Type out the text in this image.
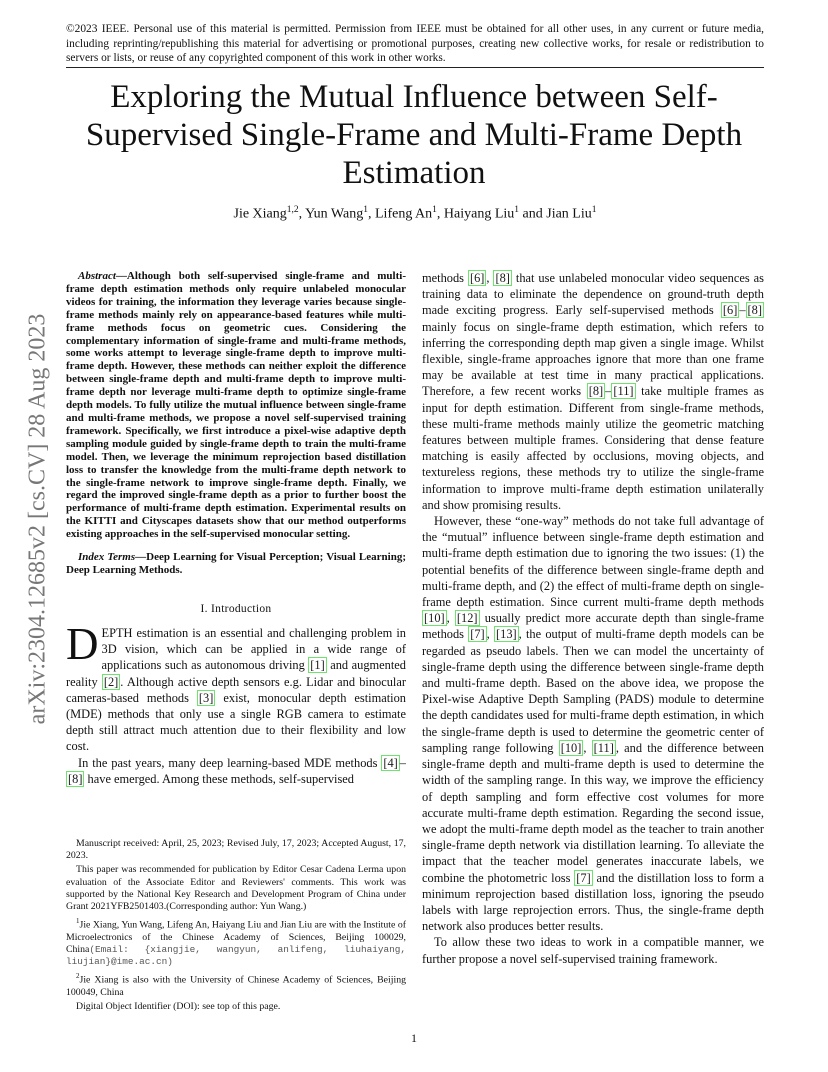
©2023 IEEE. Personal use of this material is permitted. Permission from IEEE must be obtained for all other uses, in any current or future media, including reprinting/republishing this material for advertising or promotional purposes, creating new collective works, for resale or redistribution to servers or lists, or reuse of any copyrighted component of this work in other works.
Exploring the Mutual Influence between Self-Supervised Single-Frame and Multi-Frame Depth Estimation
Jie Xiang$^{1,2}$, Yun Wang$^1$, Lifeng An$^1$, Haiyang Liu$^1$ and Jian Liu$^1$
arXiv:2304.12685v2 [cs.CV] 28 Aug 2023

Abstract—Although both self-supervised single-frame and multi-frame depth estimation methods only require unlabeled monocular videos for training, the information they leverage varies because single-frame methods mainly rely on appearance-based features while multi-frame methods focus on geometric cues. Considering the complementary information of single-frame and multi-frame methods, some works attempt to leverage single-frame depth to improve multi-frame depth. However, these methods can neither exploit the difference between single-frame depth and multi-frame depth to improve multi-frame depth nor leverage multi-frame depth to optimize single-frame depth models. To fully utilize the mutual influence between single-frame and multi-frame methods, we propose a novel self-supervised training framework. Specifically, we first introduce a pixel-wise adaptive depth sampling module guided by single-frame depth to train the multi-frame model. Then, we leverage the minimum reprojection based distillation loss to transfer the knowledge from the multi-frame depth network to the single-frame network to improve single-frame depth. Finally, we regard the improved single-frame depth as a prior to further boost the performance of multi-frame depth estimation. Experimental results on the KITTI and Cityscapes datasets show that our method outperforms existing approaches in the self-supervised monocular setting.

Index Terms—Deep Learning for Visual Perception; Visual Learning; Deep Learning Methods.

I. Introduction

DEPTH estimation is an essential and challenging problem in 3D vision, which can be applied in a wide range of applications such as autonomous driving [1] and augmented reality [2] . Although active depth sensors e.g. Lidar and binocular cameras-based methods [3] exist, monocular depth estimation (MDE) methods that only use a single RGB camera to estimate depth still attract much attention due to their flexibility and low cost.

In the past years, many deep learning-based MDE methods [4] –[8] have emerged. Among these methods, self-supervised

Manuscript received: April, 25, 2023; Revised July, 17, 2023; Accepted August, 17, 2023.

This paper was recommended for publication by Editor Cesar Cadena Lerma upon evaluation of the Associate Editor and Reviewers' comments. This work was supported by the National Key Research and Development Program of China under Grant 2021YFB2501403.(Corresponding author: Yun Wang.)

$^1$Jie Xiang, Yun Wang, Lifeng An, Haiyang Liu and Jian Liu are with the Institute of Microelectronics of the Chinese Academy of Sciences, Beijing 100029, China(Email: {xiangjie, wangyun, anlifeng, liuhaiyang, liujian}@ime.ac.cn)

$^2$Jie Xiang is also with the University of Chinese Academy of Sciences, Beijing 100049, China

Digital Object Identifier (DOI): see top of this page.

methods [6] , [8] that use unlabeled monocular video sequences as training data to eliminate the dependence on ground-truth depth made exciting progress. Early self-supervised methods [6] – [8] mainly focus on single-frame depth estimation, which refers to inferring the corresponding depth map given a single image. Whilst flexible, single-frame approaches ignore that more than one frame may be available at test time in many practical applications. Therefore, a few recent works [8] – [11] take multiple frames as input for depth estimation. Different from single-frame methods, these multi-frame methods mainly utilize the geometric matching features between multiple frames. Considering that dense feature matching is easily affected by occlusions, moving objects, and textureless regions, these methods try to utilize the single-frame information to improve multi-frame depth estimation unilaterally and show promising results.

However, these “one-way” methods do not take full advantage of the “mutual” influence between single-frame depth estimation and multi-frame depth estimation due to ignoring the two issues: (1) the potential benefits of the difference between single-frame depth and multi-frame depth, and (2) the effect of multi-frame depth on single-frame depth estimation. Since current multi-frame depth methods [10] , [12] usually predict more accurate depth than single-frame methods [7] , [13] , the output of multi-frame depth models can be regarded as pseudo labels. Then we can model the uncertainty of single-frame depth using the difference between single-frame depth and multi-frame depth. Based on the above idea, we propose the Pixel-wise Adaptive Depth Sampling (PADS) module to determine the depth candidates used for multi-frame depth estimation, in which the single-frame depth is used to determine the geometric center of sampling range following [10] , [11] , and the difference between single-frame depth and multi-frame depth is used to determine the width of the sampling range. In this way, we improve the efficiency of depth sampling and form effective cost volumes for more accurate multi-frame depth estimation. Regarding the second issue, we adopt the multi-frame depth model as the teacher to train another single-frame depth network via distillation learning. To alleviate the impact that the teacher model generates inaccurate labels, we combine the photometric loss [7] and the distillation loss to form a minimum reprojection based distillation loss, ignoring the pseudo labels with large reprojection errors. Thus, the single-frame depth network also produces better results.

To allow these two ideas to work in a compatible manner, we further propose a novel self-supervised training framework.

1
